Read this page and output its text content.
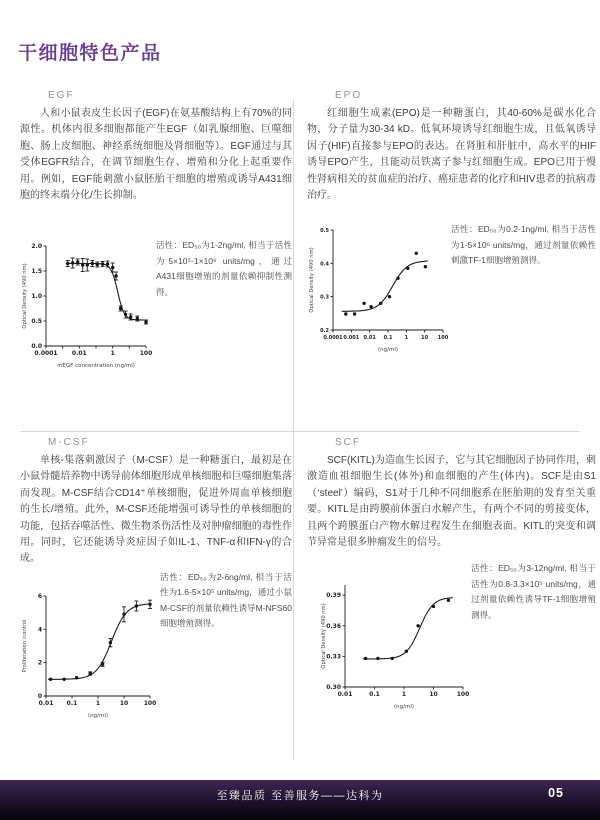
干细胞特色产品
EGF

人和小鼠表皮生长因子(EGF)在氨基酸结构上有70%的同源性。机体内很多细胞都能产生EGF（如乳腺细胞、巨噬细胞、肠上皮细胞、神经系统细胞及肾细胞等）。EGF通过与其受体EGFR结合，在调节细胞生存、增殖和分化上起重要作用。例如，EGF能刺激小鼠胚胎干细胞的增殖或诱导A431细胞的终末端分化/生长抑制。

0.0001 0.01	1	100
0.0
0.5
1.0
1.5
2.0
mEGF concentration (ng/ml)
Optical Density (490 nm)

活性：ED₅₀为1-2ng/ml, 相当于活性为5×10⁵-1×10⁶ units/mg，通过A431细胞增殖的剂量依赖抑制性测得。

EPO

红细胞生成素(EPO)是一种糖蛋白，其40-60%是碳水化合物，分子量为30-34 kD。低氧环境诱导红细胞生成，且低氧诱导因子(HIF)直接参与EPO的表达。在肾脏和肝脏中，高水平的HIF诱导EPO产生，且能动员铁离子参与红细胞生成。EPO已用于慢性肾病相关的贫血症的治疗、癌症患者的化疗和HIV患者的抗病毒治疗。

0.0001 0.001 0.01 0.1 1	10 100
0.2
0.3
0.4
0.5
(ng/ml)
Optical Density (490 nm)

活性：ED₅₀为0.2-1ng/ml, 相当于活性为1-5×10⁶ units/mg，通过剂量依赖性刺激TF-1细胞增殖测得。

M-CSF

单核-集落刺激因子（M-CSF）是一种糖蛋白，最初是在小鼠骨髓培养物中诱导前体细胞形成单核细胞和巨噬细胞集落而发现。M-CSF结合CD14⁺单核细胞，促进外周血单核细胞的生长/增殖。此外，M-CSF还能增强可诱导性的单核细胞的功能，包括吞噬活性、微生物杀伤活性及对肿瘤细胞的毒性作用。同时，它还能诱导炎症因子如IL-1、TNF-α和IFN-γ的合成。

0.01 0.1	1	10	100
0
2
4
6
(ng/ml)
Proliferation /control

活性：ED₅₀为2-6ng/ml, 相当于活性为1.6-5×10⁵ units/mg，通过小鼠M-CSF的剂量依赖性诱导M-NFS60细胞增殖测得。

SCF

SCF(KITL)为造血生长因子，它与其它细胞因子协同作用，刺激造血祖细胞生长(体外)和血细胞的产生(体内)。SCF是由S1（‘steel’）编码，S1对于几种不同细胞系在胚胎期的发育至关重要。KITL是由跨膜前体蛋白水解产生，有两个不同的剪接变体，且两个跨膜蛋白产物水解过程发生在细胞表面。KITL的突变和调节异常是很多肿瘤发生的信号。

0.01	0.1	1	10	100
0.30
0.33
0.36
0.39
(ng/ml)
Optical Density (490 nm)

活性：ED₅₀为3-12ng/ml, 相当于活性为0.8-3.3×10⁵ units/mg，通过剂量依赖性诱导TF-1细胞增殖测得。

至臻品质 至善服务——达科为	05
